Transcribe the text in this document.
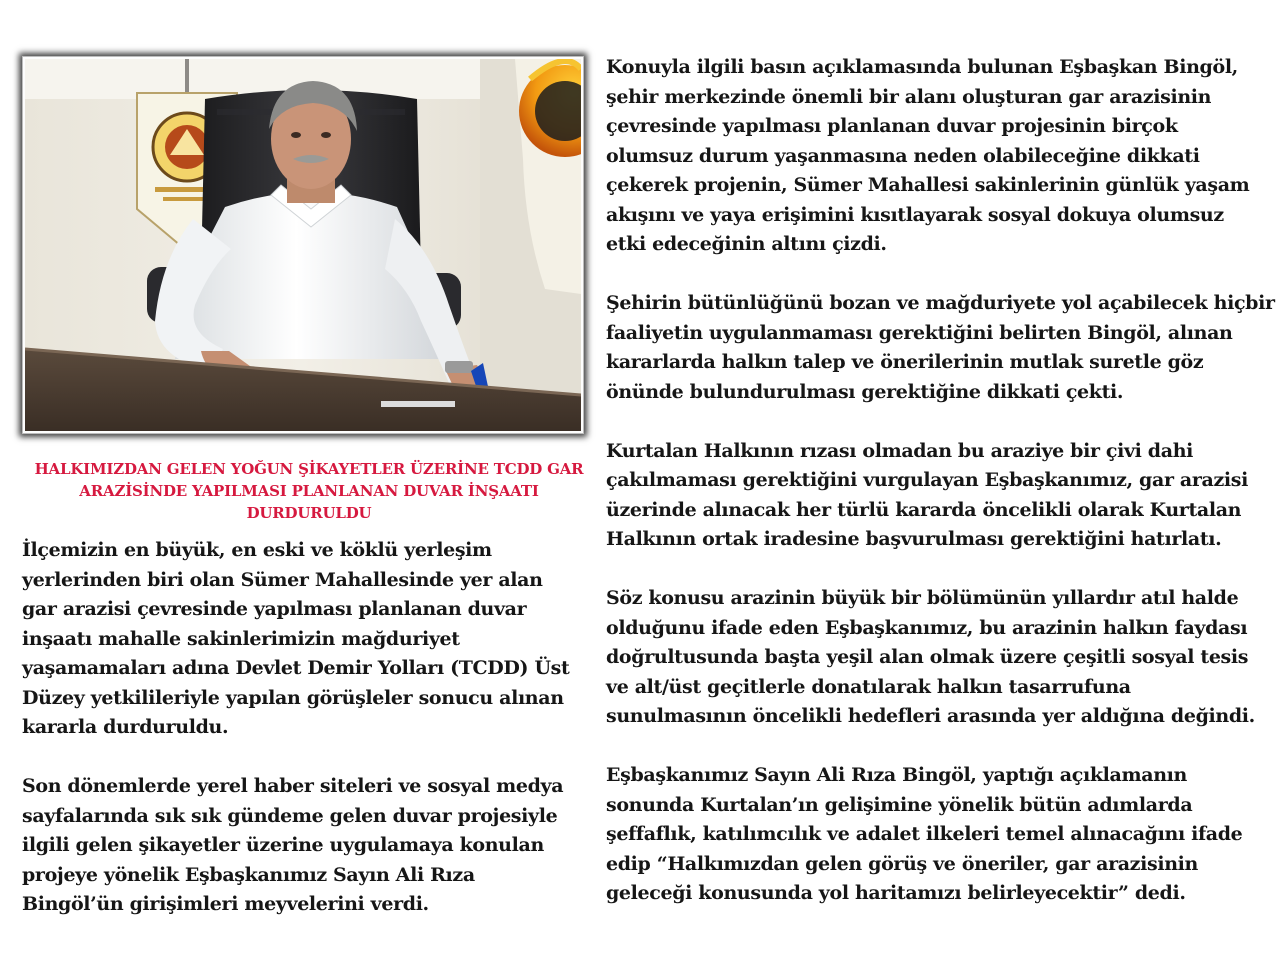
HALKIMIZDAN GELEN YOĞUN ŞİKAYETLER ÜZERİNE TCDD GAR
ARAZİSİNDE YAPILMASI PLANLANAN DUVAR İNŞAATI
DURDURULDU

İlçemizin en büyük, en eski ve köklü yerleşim
yerlerinden biri olan Sümer Mahallesinde yer alan
gar arazisi çevresinde yapılması planlanan duvar
inşaatı mahalle sakinlerimizin mağduriyet
yaşamamaları adına Devlet Demir Yolları (TCDD) Üst
Düzey yetkilileriyle yapılan görüşleler sonucu alınan
kararla durduruldu.

Son dönemlerde yerel haber siteleri ve sosyal medya
sayfalarında sık sık gündeme gelen duvar projesiyle
ilgili gelen şikayetler üzerine uygulamaya konulan
projeye yönelik Eşbaşkanımız Sayın Ali Rıza
Bingöl’ün girişimleri meyvelerini verdi.

Konuyla ilgili basın açıklamasında bulunan Eşbaşkan Bingöl,
şehir merkezinde önemli bir alanı oluşturan gar arazisinin
çevresinde yapılması planlanan duvar projesinin birçok
olumsuz durum yaşanmasına neden olabileceğine dikkati
çekerek projenin, Sümer Mahallesi sakinlerinin günlük yaşam
akışını ve yaya erişimini kısıtlayarak sosyal dokuya olumsuz
etki edeceğinin altını çizdi.

Şehirin bütünlüğünü bozan ve mağduriyete yol açabilecek hiçbir
faaliyetin uygulanmaması gerektiğini belirten Bingöl, alınan
kararlarda halkın talep ve önerilerinin mutlak suretle göz
önünde bulundurulması gerektiğine dikkati çekti.

Kurtalan Halkının rızası olmadan bu araziye bir çivi dahi
çakılmaması gerektiğini vurgulayan Eşbaşkanımız, gar arazisi
üzerinde alınacak her türlü kararda öncelikli olarak Kurtalan
Halkının ortak iradesine başvurulması gerektiğini hatırlatı.

Söz konusu arazinin büyük bir bölümünün yıllardır atıl halde
olduğunu ifade eden Eşbaşkanımız, bu arazinin halkın faydası
doğrultusunda başta yeşil alan olmak üzere çeşitli sosyal tesis
ve alt/üst geçitlerle donatılarak halkın tasarrufuna
sunulmasının öncelikli hedefleri arasında yer aldığına değindi.

Eşbaşkanımız Sayın Ali Rıza Bingöl, yaptığı açıklamanın
sonunda Kurtalan’ın gelişimine yönelik bütün adımlarda
şeffaflık, katılımcılık ve adalet ilkeleri temel alınacağını ifade
edip “Halkımızdan gelen görüş ve öneriler, gar arazisinin
geleceği konusunda yol haritamızı belirleyecektir” dedi.
